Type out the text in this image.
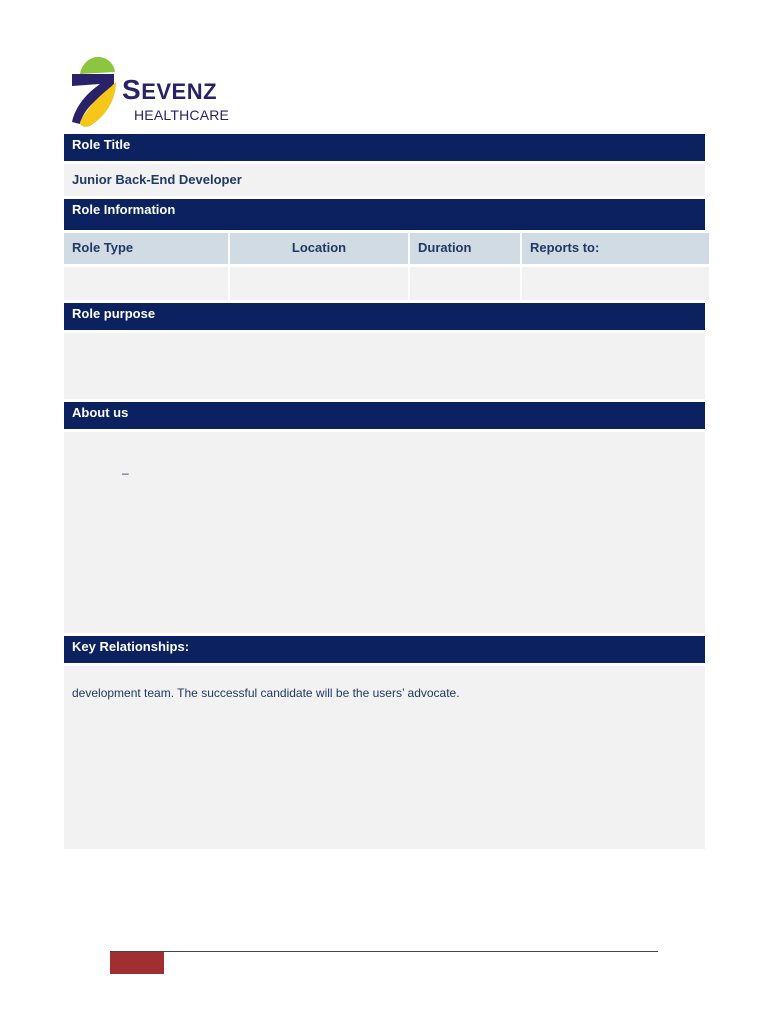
SEVENZ
HEALTHCARE
Role Title
Junior Back-End Developer
Role Information
Role Type	Location	Duration	Reports to:
Role purpose
About us
–
Key Relationships:
development team. The successful candidate will be the users’ advocate.
